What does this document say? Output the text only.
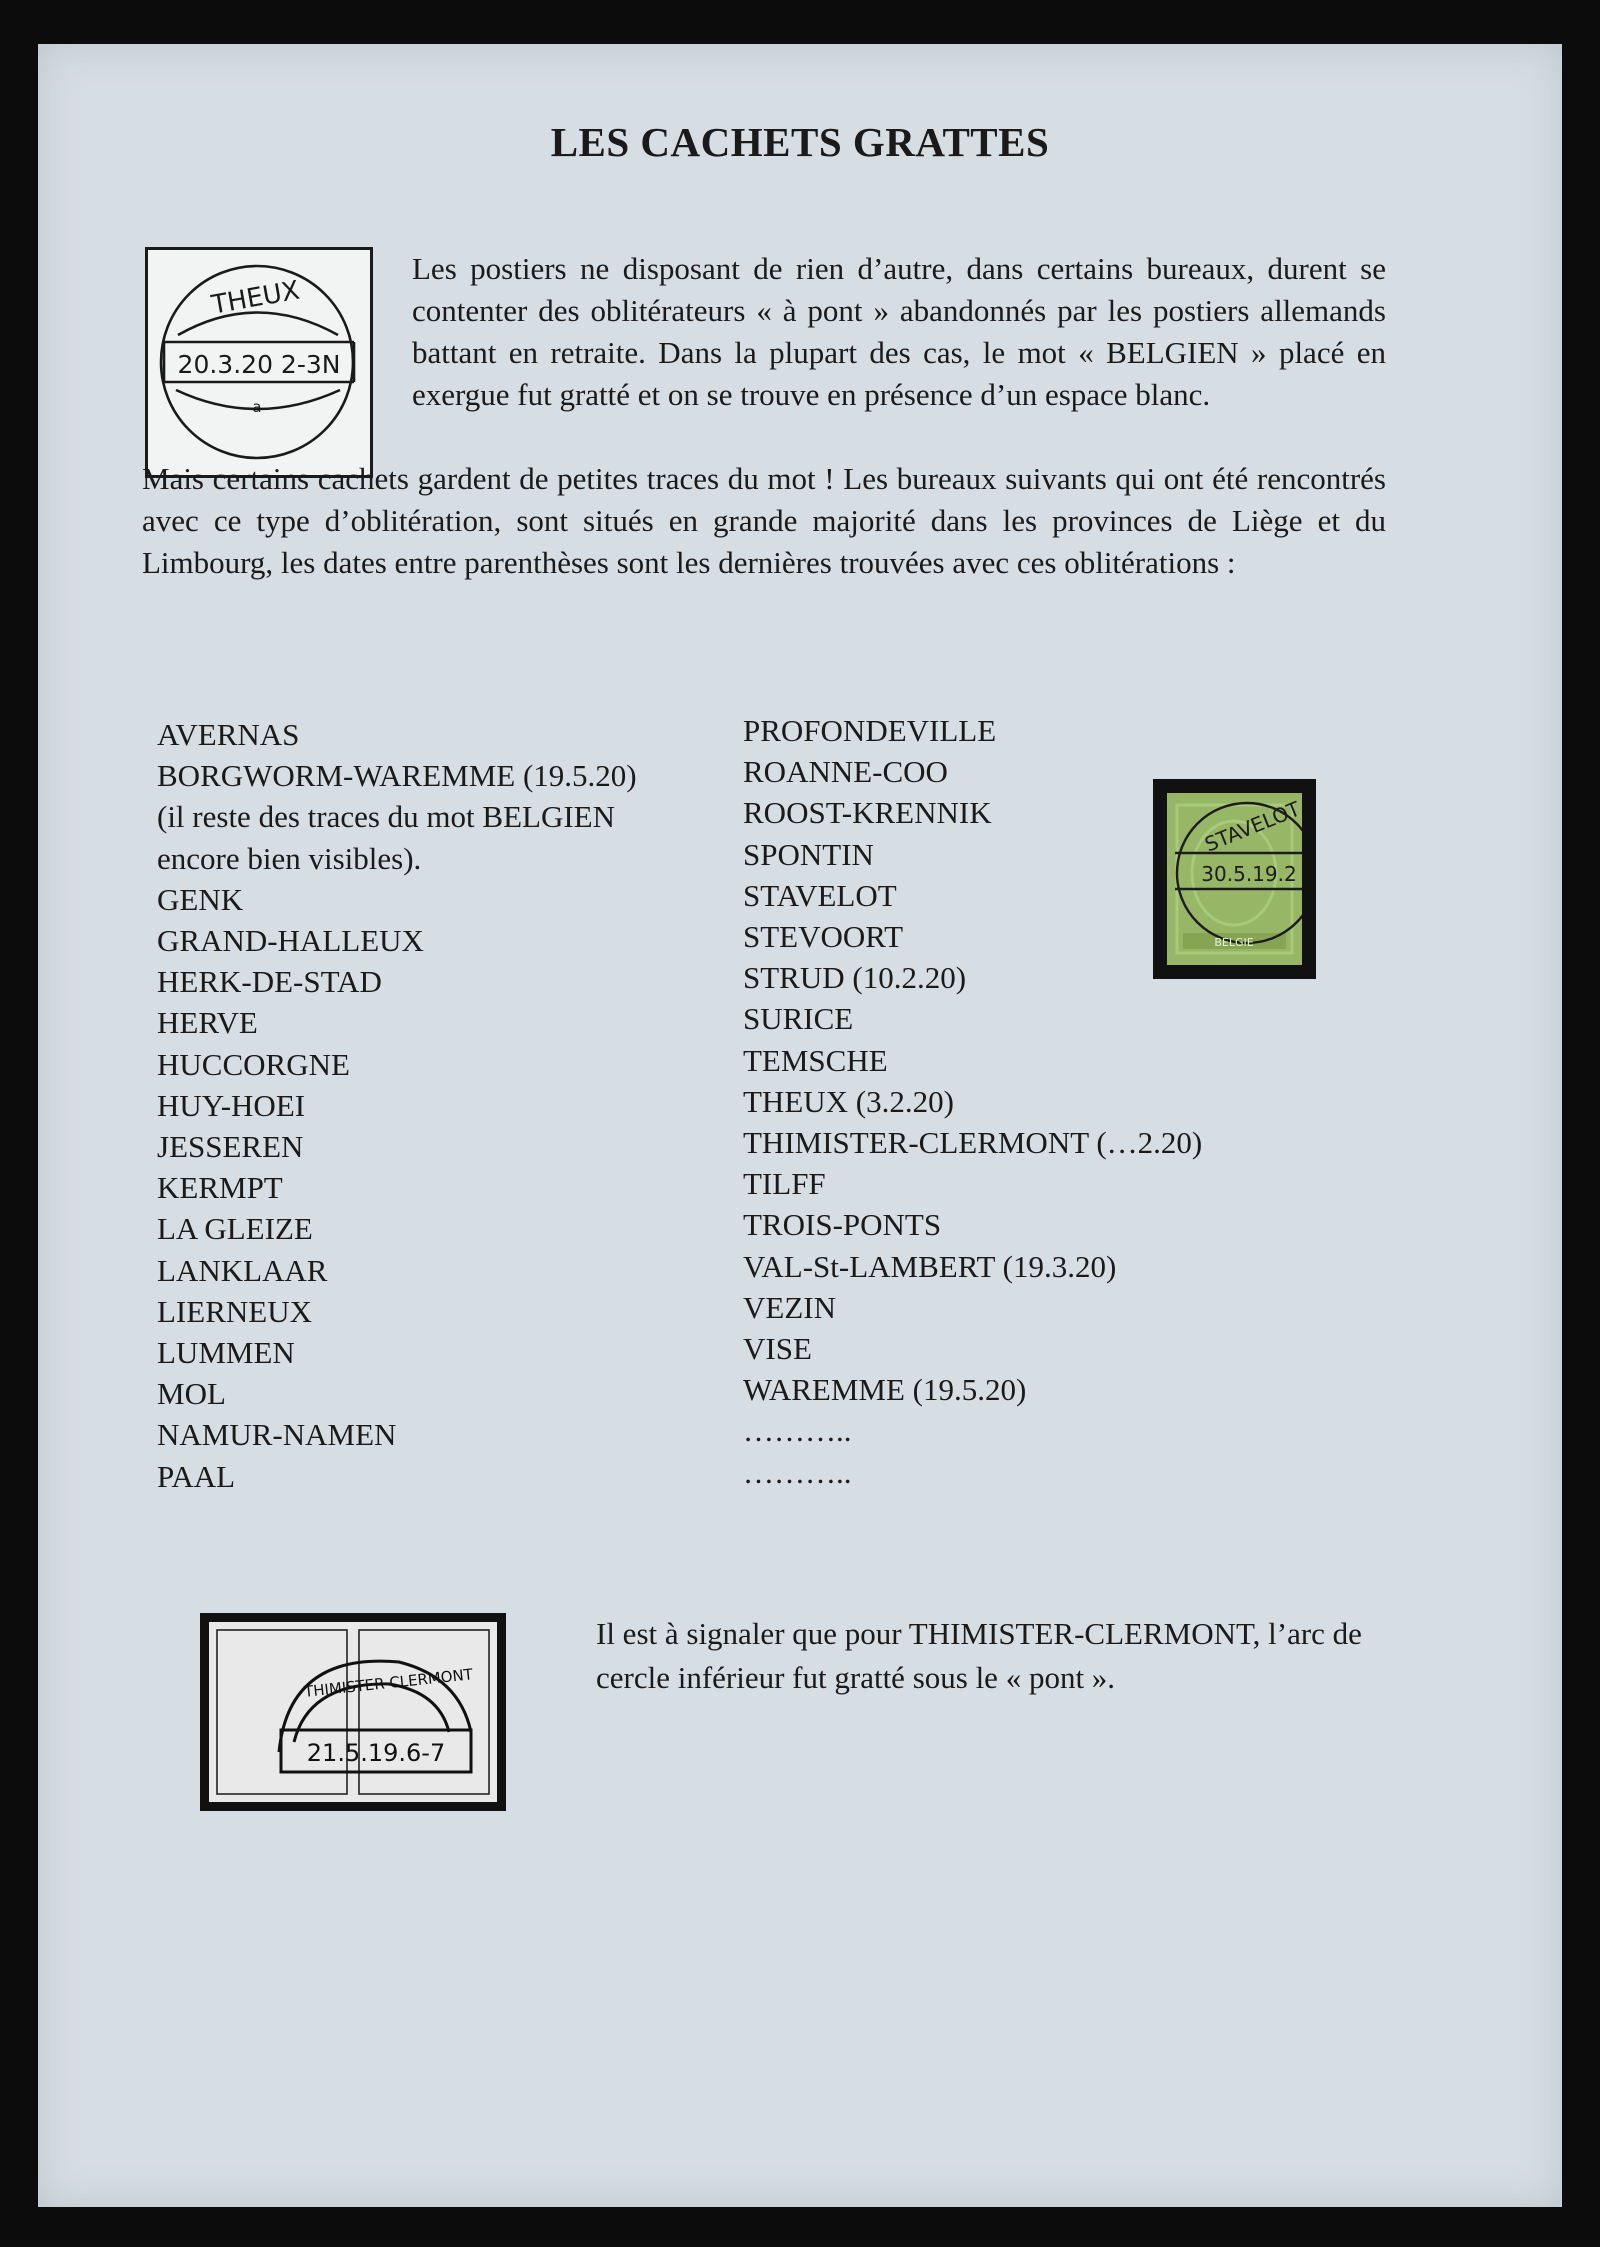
LES CACHETS GRATTES
THEUX
20.3.20 2-3N
a
Les postiers ne disposant de rien d’autre, dans certains bureaux, durent se contenter des oblitérateurs « à pont » abandonnés par les postiers allemands battant en retraite. Dans la plupart des cas, le mot « BELGIEN » placé en exergue fut gratté et on se trouve en présence d’un espace blanc.
Mais certains cachets gardent de petites traces du mot ! Les bureaux suivants qui ont été rencontrés avec ce type d’oblitération, sont situés en grande majorité dans les provinces de Liège et du Limbourg, les dates entre parenthèses sont les dernières trouvées avec ces oblitérations :
AVERNAS
BORGWORM-WAREMME (19.5.20)
(il reste des traces du mot BELGIEN
encore bien visibles).
GENK
GRAND-HALLEUX
HERK-DE-STAD
HERVE
HUCCORGNE
HUY-HOEI
JESSEREN
KERMPT
LA GLEIZE
LANKLAAR
LIERNEUX
LUMMEN
MOL
NAMUR-NAMEN
PAAL
PROFONDEVILLE
ROANNE-COO
ROOST-KRENNIK
SPONTIN
STAVELOT
STEVOORT
STRUD (10.2.20)
SURICE
TEMSCHE
THEUX (3.2.20)
THIMISTER-CLERMONT (…2.20)
TILFF
TROIS-PONTS
VAL-St-LAMBERT (19.3.20)
VEZIN
VISE
WAREMME (19.5.20)
………..
………..
STAVELOT
30.5.19.2
BELGIE
THIMISTER-CLERMONT
21.5.19.6-7
Il est à signaler que pour THIMISTER-CLERMONT, l’arc de cercle inférieur fut gratté sous le « pont ».
